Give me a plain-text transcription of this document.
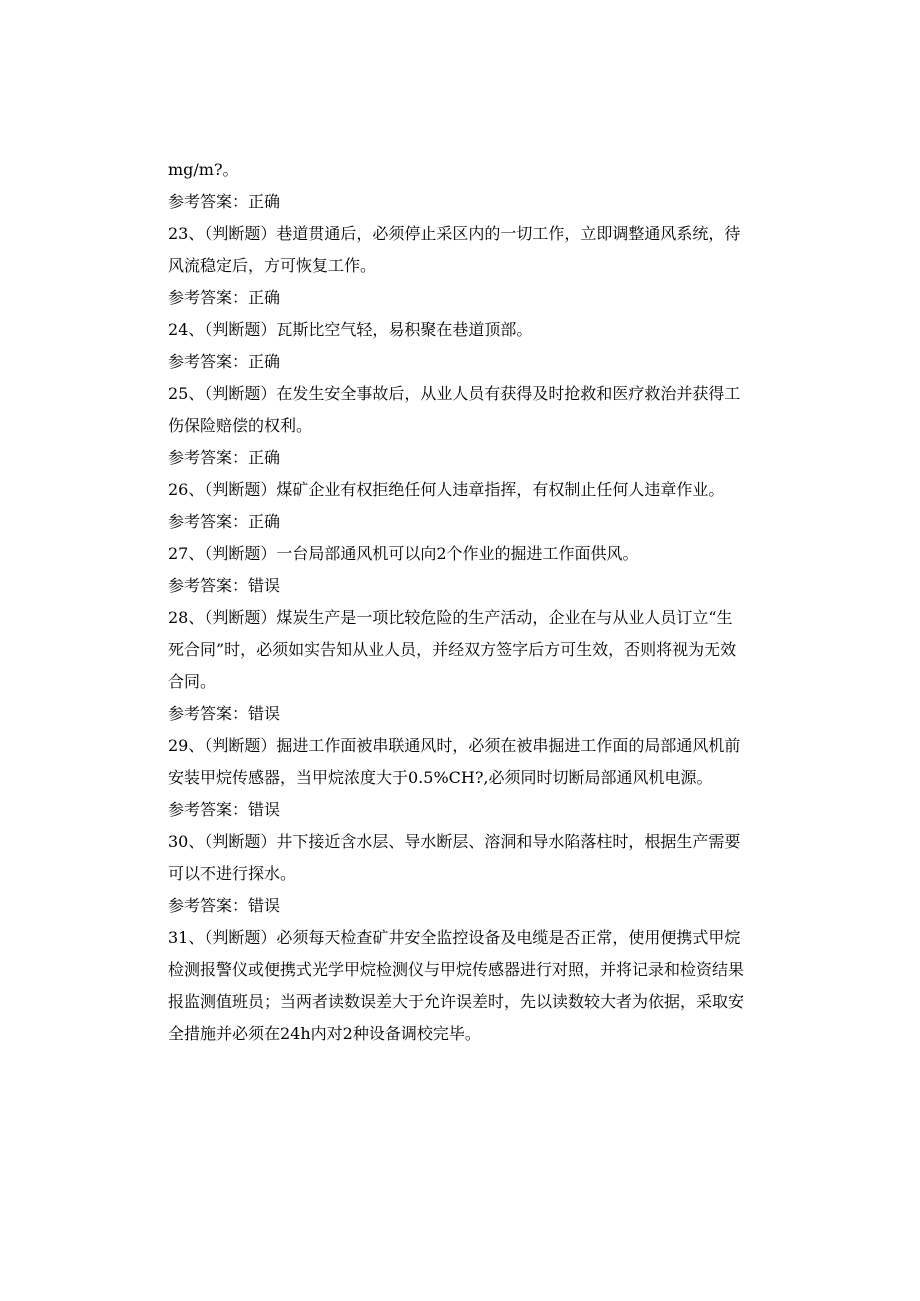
mg/m?。

参考答案：正确

23、（判断题）巷道贯通后，必须停止采区内的一切工作，立即调整通风系统，待风流稳定后，方可恢复工作。

参考答案：正确

24、（判断题）瓦斯比空气轻，易积聚在巷道顶部。

参考答案：正确

25、（判断题）在发生安全事故后，从业人员有获得及时抢救和医疗救治并获得工伤保险赔偿的权利。

参考答案：正确

26、（判断题）煤矿企业有权拒绝任何人违章指挥，有权制止任何人违章作业。

参考答案：正确

27、（判断题）一台局部通风机可以向2个作业的掘进工作面供风。

参考答案：错误

28、（判断题）煤炭生产是一项比较危险的生产活动，企业在与从业人员订立“生死合同”时，必须如实告知从业人员，并经双方签字后方可生效，否则将视为无效合同。

参考答案：错误

29、（判断题）掘进工作面被串联通风时，必须在被串掘进工作面的局部通风机前安装甲烷传感器，当甲烷浓度大于0.5%CH?,必须同时切断局部通风机电源。

参考答案：错误

30、（判断题）井下接近含水层、导水断层、溶洞和导水陷落柱时，根据生产需要可以不进行探水。

参考答案：错误

31、（判断题）必须每天检查矿井安全监控设备及电缆是否正常，使用便携式甲烷检测报警仪或便携式光学甲烷检测仪与甲烷传感器进行对照，并将记录和检资结果报监测值班员；当两者读数误差大于允许误差时，先以读数较大者为依据，采取安全措施并必须在24h内对2种设备调校完毕。
